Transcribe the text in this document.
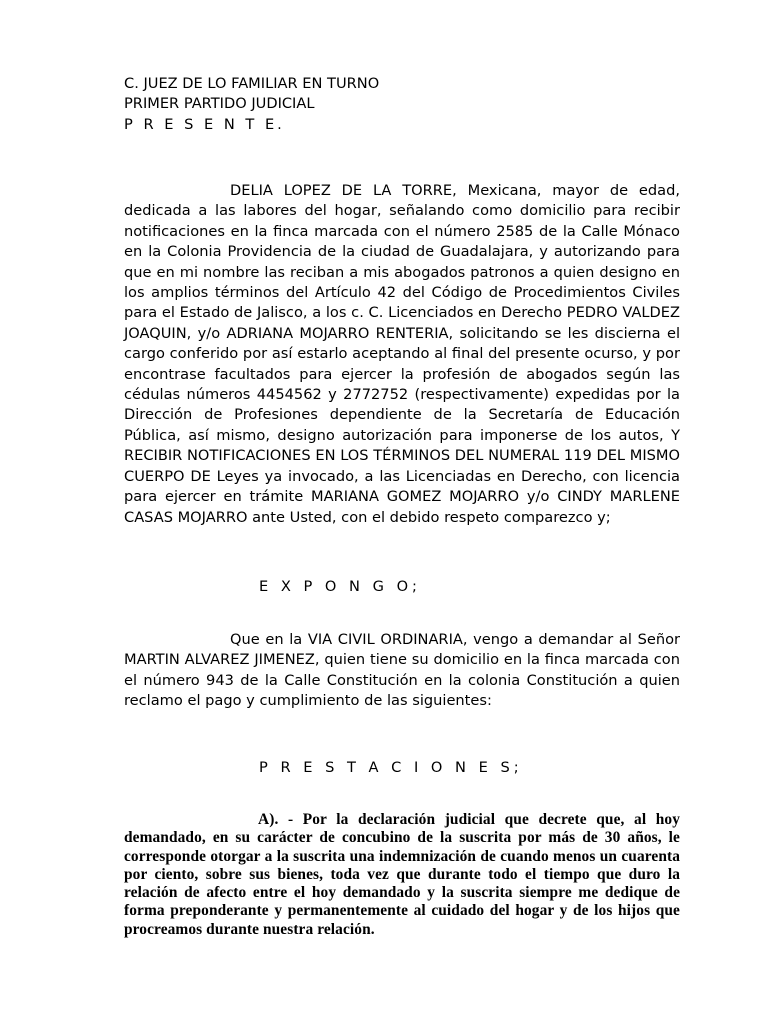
C. JUEZ DE LO FAMILIAR EN TURNO
PRIMER PARTIDO JUDICIAL
P R E S E N T E.

DELIA LOPEZ DE LA TORRE, Mexicana, mayor de edad, dedicada a las labores del hogar, señalando como domicilio para recibir notificaciones en la finca marcada con el número 2585 de la Calle Mónaco en la Colonia Providencia de la ciudad de Guadalajara, y autorizando para que en mi nombre las reciban a mis abogados patronos a quien designo en los amplios términos del Artículo 42 del Código de Procedimientos Civiles para el Estado de Jalisco, a los c. C. Licenciados en Derecho PEDRO VALDEZ JOAQUIN, y/o ADRIANA MOJARRO RENTERIA, solicitando se les discierna el cargo conferido por así estarlo aceptando al final del presente ocurso, y por encontrase facultados para ejercer la profesión de abogados según las cédulas números 4454562 y 2772752 (respectivamente) expedidas por la Dirección de Profesiones dependiente de la Secretaría de Educación Pública, así mismo, designo autorización para imponerse de los autos, Y RECIBIR NOTIFICACIONES EN LOS TÉRMINOS DEL NUMERAL 119 DEL MISMO CUERPO DE Leyes ya invocado, a las Licenciadas en Derecho, con licencia para ejercer en trámite MARIANA GOMEZ MOJARRO y/o CINDY MARLENE CASAS MOJARRO ante Usted, con el debido respeto comparezco y;

E X P O N G O;

Que en la VIA CIVIL ORDINARIA, vengo a demandar al Señor MARTIN ALVAREZ JIMENEZ, quien tiene su domicilio en la finca marcada con el número 943 de la Calle Constitución en la colonia Constitución a quien reclamo el pago y cumplimiento de las siguientes:

P R E S T A C I O N E S;

A). - Por la declaración judicial que decrete que, al hoy demandado, en su carácter de concubino de la suscrita por más de 30 años, le corresponde otorgar a la suscrita una indemnización de cuando menos un cuarenta por ciento, sobre sus bienes, toda vez que durante todo el tiempo que duro la relación de afecto entre el hoy demandado y la suscrita siempre me dedique de forma preponderante y permanentemente al cuidado del hogar y de los hijos que procreamos durante nuestra relación.
